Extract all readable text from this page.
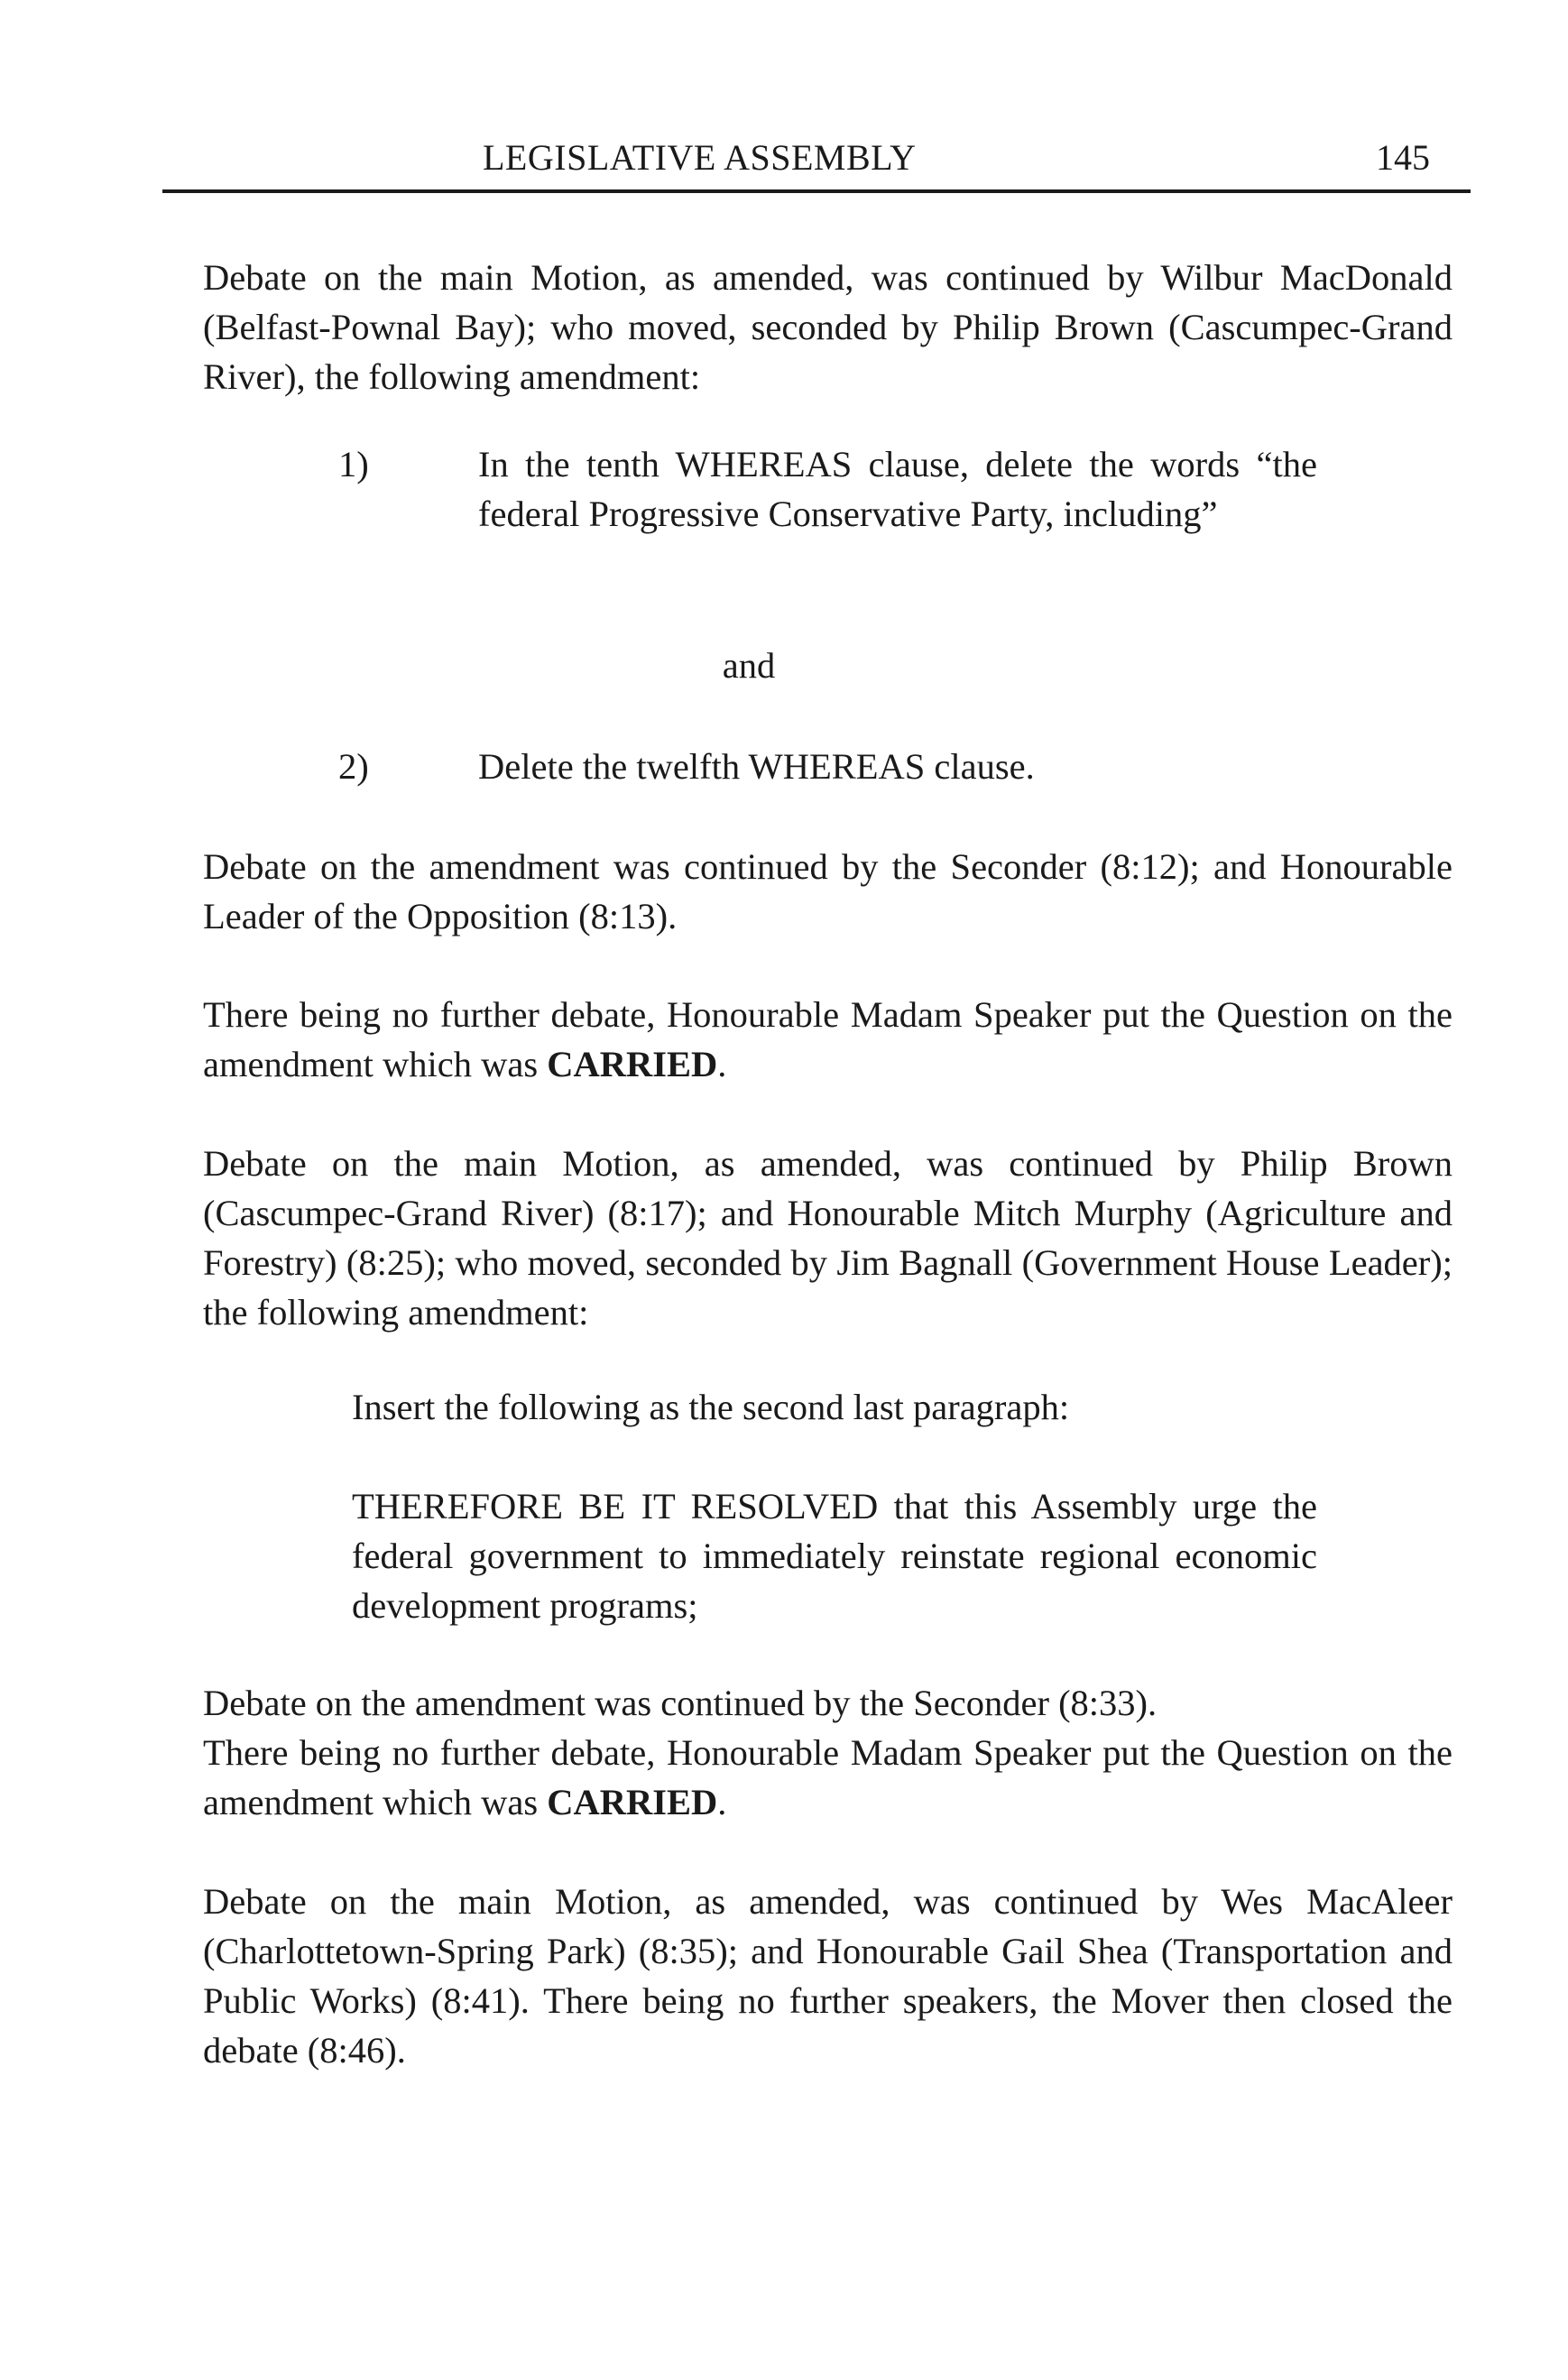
LEGISLATIVE ASSEMBLY	145

Debate on the main Motion, as amended, was continued by Wilbur MacDonald (Belfast-Pownal Bay); who moved, seconded by Philip Brown (Cascumpec-Grand River), the following amendment:

1)	In the tenth WHEREAS clause, delete the words “the federal Progressive Conservative Party, including”
and
2)	Delete the twelfth WHEREAS clause.

Debate on the amendment was continued by the Seconder (8:12); and Honourable Leader of the Opposition (8:13).

There being no further debate, Honourable Madam Speaker put the Question on the amendment which was CARRIED.

Debate on the main Motion, as amended, was continued by Philip Brown (Cascumpec-Grand River) (8:17); and Honourable Mitch Murphy (Agriculture and Forestry) (8:25); who moved, seconded by Jim Bagnall (Government House Leader); the following amendment:

Insert the following as the second last paragraph:

THEREFORE BE IT RESOLVED that this Assembly urge the federal government to immediately reinstate regional economic development programs;

Debate on the amendment was continued by the Seconder (8:33).

There being no further debate, Honourable Madam Speaker put the Question on the amendment which was CARRIED.

Debate on the main Motion, as amended, was continued by Wes MacAleer (Charlottetown-Spring Park) (8:35); and Honourable Gail Shea (Transportation and Public Works) (8:41). There being no further speakers, the Mover then closed the debate (8:46).
